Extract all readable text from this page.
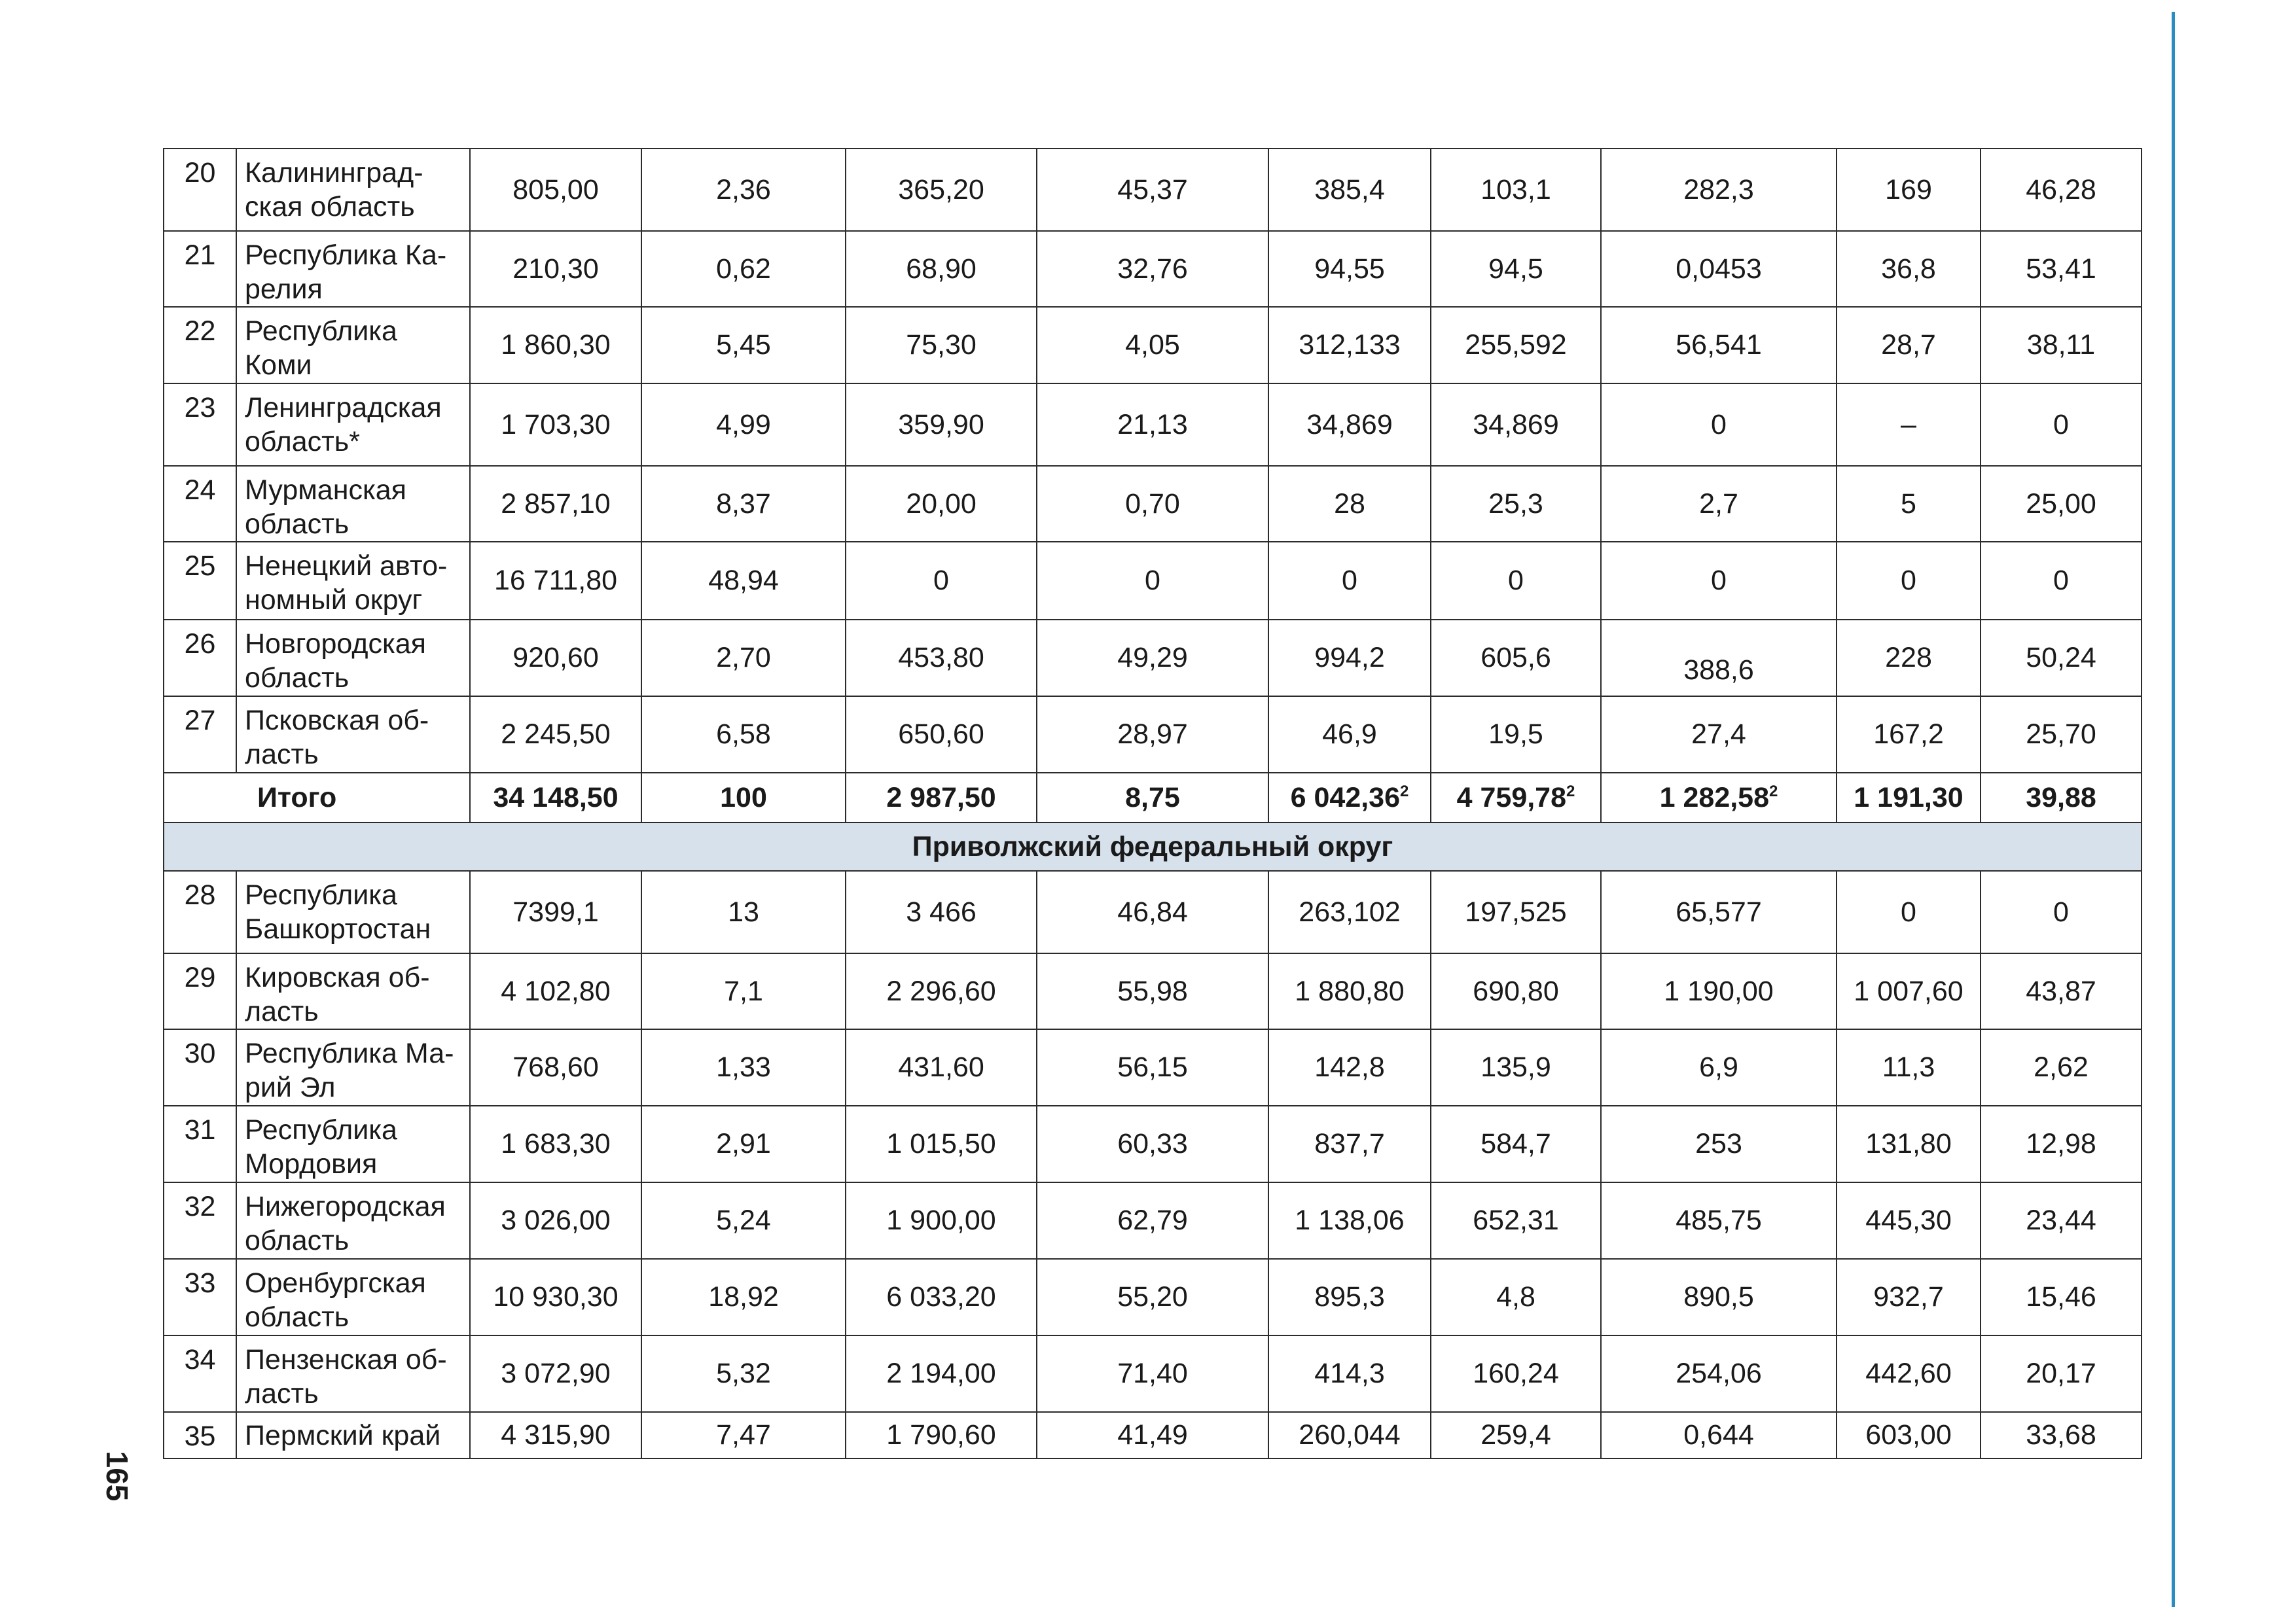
165
20	Калининград-ская область	805,00	2,36	365,20	45,37	385,4	103,1	282,3	169	46,28
21	Республика Ка-релия	210,30	0,62	68,90	32,76	94,55	94,5	0,0453	36,8	53,41
22	Республика Коми	1 860,30	5,45	75,30	4,05	312,133	255,592	56,541	28,7	38,11
23	Ленинградская область*	1 703,30	4,99	359,90	21,13	34,869	34,869	0	–	0
24	Мурманская область	2 857,10	8,37	20,00	0,70	28	25,3	2,7	5	25,00
25	Ненецкий авто-номный округ	16 711,80	48,94	0	0	0	0	0	0	0
26	Новгородская область	920,60	2,70	453,80	49,29	994,2	605,6	388,6	228	50,24
27	Псковская об-ласть	2 245,50	6,58	650,60	28,97	46,9	19,5	27,4	167,2	25,70
Итого		34 148,50	100	2 987,50	8,75	6 042,36$^2$	4 759,78$^2$	1 282,58$^2$	1 191,30	39,88
Приволжский федеральный округ										
28	Республика Башкортостан	7399,1	13	3 466	46,84	263,102	197,525	65,577	0	0
29	Кировская об-ласть	4 102,80	7,1	2 296,60	55,98	1 880,80	690,80	1 190,00	1 007,60	43,87
30	Республика Ма-рий Эл	768,60	1,33	431,60	56,15	142,8	135,9	6,9	11,3	2,62
31	Республика Мордовия	1 683,30	2,91	1 015,50	60,33	837,7	584,7	253	131,80	12,98
32	Нижегородская область	3 026,00	5,24	1 900,00	62,79	1 138,06	652,31	485,75	445,30	23,44
33	Оренбургская область	10 930,30	18,92	6 033,20	55,20	895,3	4,8	890,5	932,7	15,46
34	Пензенская об-ласть	3 072,90	5,32	2 194,00	71,40	414,3	160,24	254,06	442,60	20,17
35	Пермский край	4 315,90	7,47	1 790,60	41,49	260,044	259,4	0,644	603,00	33,68
